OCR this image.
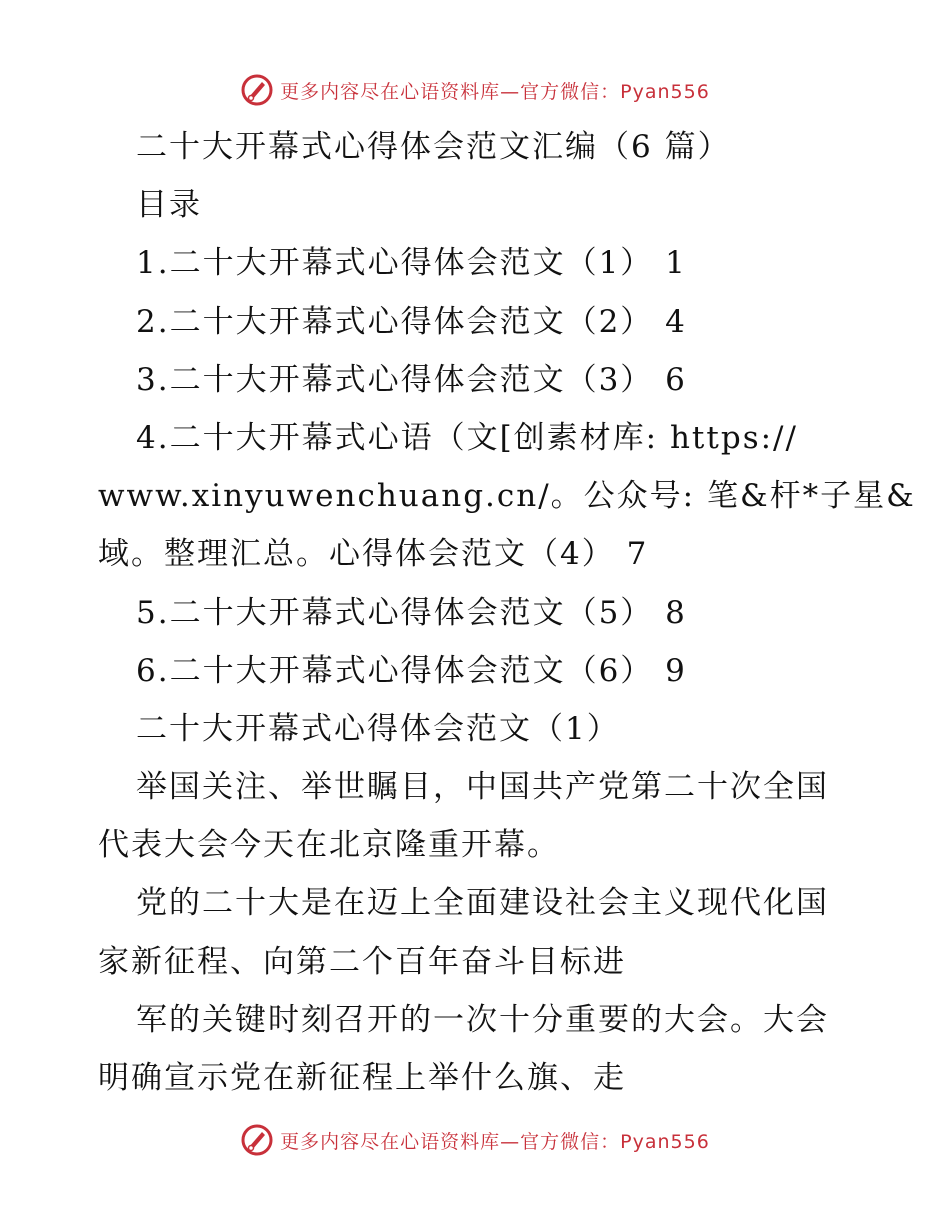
更多内容尽在心语资料库—官方微信：Pyan556
二十大开幕式心得体会范文汇编（6 篇）
目录
1.二十大开幕式心得体会范文（1） 1
2.二十大开幕式心得体会范文（2） 4
3.二十大开幕式心得体会范文（3） 6
4.二十大开幕式心语（文[创素材库: https://
www.xinyuwenchuang.cn/。公众号: 笔&杆*子星&
域。整理汇总。心得体会范文（4） 7
5.二十大开幕式心得体会范文（5） 8
6.二十大开幕式心得体会范文（6） 9
二十大开幕式心得体会范文（1）
举国关注、举世瞩目，中国共产党第二十次全国
代表大会今天在北京隆重开幕。
党的二十大是在迈上全面建设社会主义现代化国
家新征程、向第二个百年奋斗目标进
军的关键时刻召开的一次十分重要的大会。大会
明确宣示党在新征程上举什么旗、走
更多内容尽在心语资料库—官方微信：Pyan556
